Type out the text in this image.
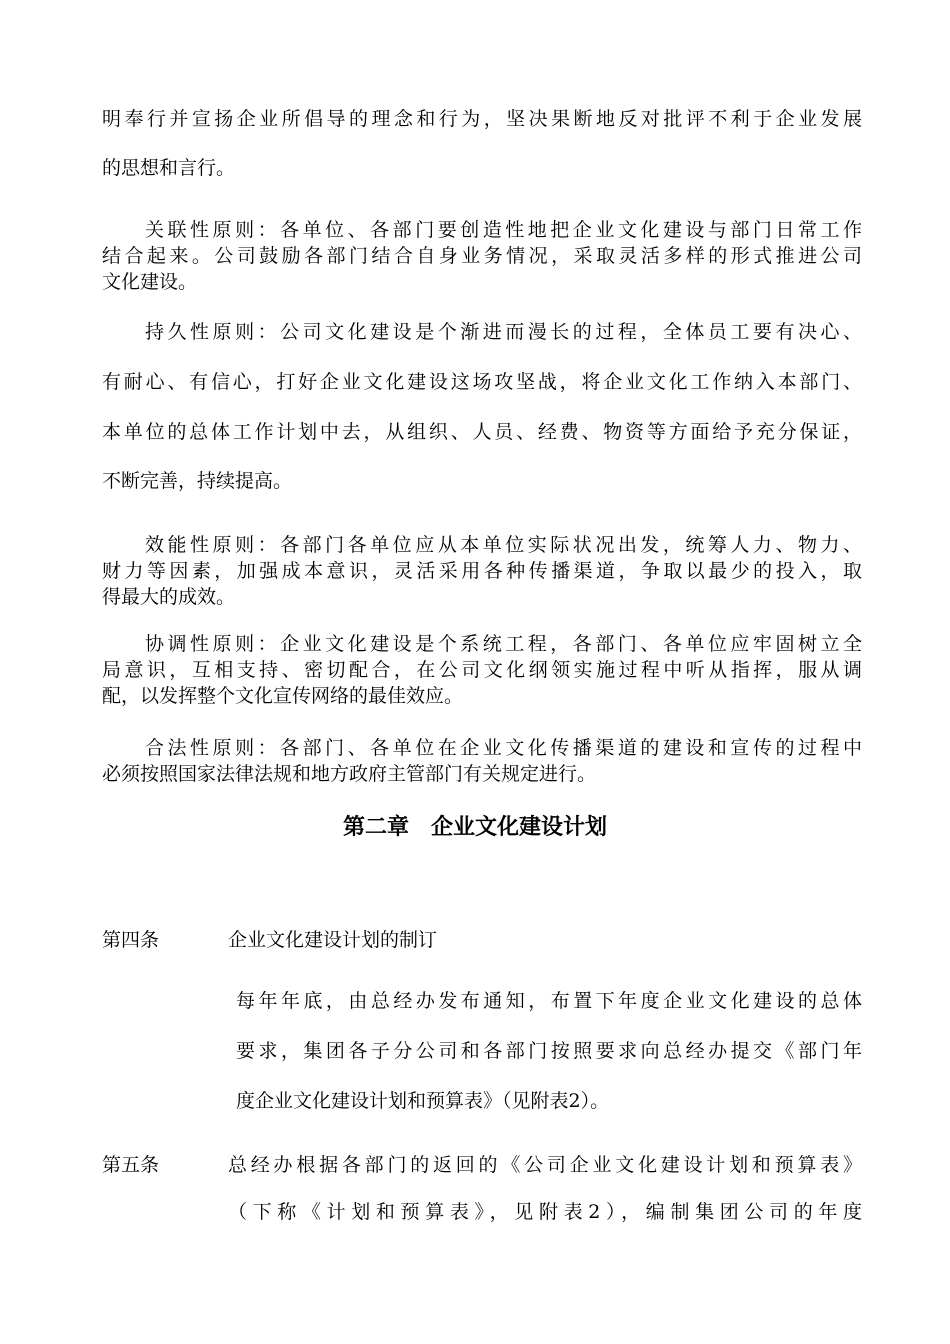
明奉行并宣扬企业所倡导的理念和行为，坚决果断地反对批评不利于企业发展
的思想和言行。
关联性原则：各单位、各部门要创造性地把企业文化建设与部门日常工作
结合起来。公司鼓励各部门结合自身业务情况，采取灵活多样的形式推进公司
文化建设。
持久性原则：公司文化建设是个渐进而漫长的过程，全体员工要有决心、
有耐心、有信心，打好企业文化建设这场攻坚战，将企业文化工作纳入本部门、
本单位的总体工作计划中去，从组织、人员、经费、物资等方面给予充分保证，
不断完善，持续提高。
效能性原则：各部门各单位应从本单位实际状况出发，统筹人力、物力、
财力等因素，加强成本意识，灵活采用各种传播渠道，争取以最少的投入，取
得最大的成效。
协调性原则：企业文化建设是个系统工程，各部门、各单位应牢固树立全
局意识，互相支持、密切配合，在公司文化纲领实施过程中听从指挥，服从调
配，以发挥整个文化宣传网络的最佳效应。
合法性原则：各部门、各单位在企业文化传播渠道的建设和宣传的过程中
必须按照国家法律法规和地方政府主管部门有关规定进行。
第二章　企业文化建设计划
第四条	企业文化建设计划的制订
每年年底，由总经办发布通知，布置下年度企业文化建设的总体
要求，集团各子分公司和各部门按照要求向总经办提交《部门年
度企业文化建设计划和预算表》（见附表2）。
第五条	总经办根据各部门的返回的《公司企业文化建设计划和预算表》
（下称《计划和预算表》，见附表2），编制集团公司的年度
